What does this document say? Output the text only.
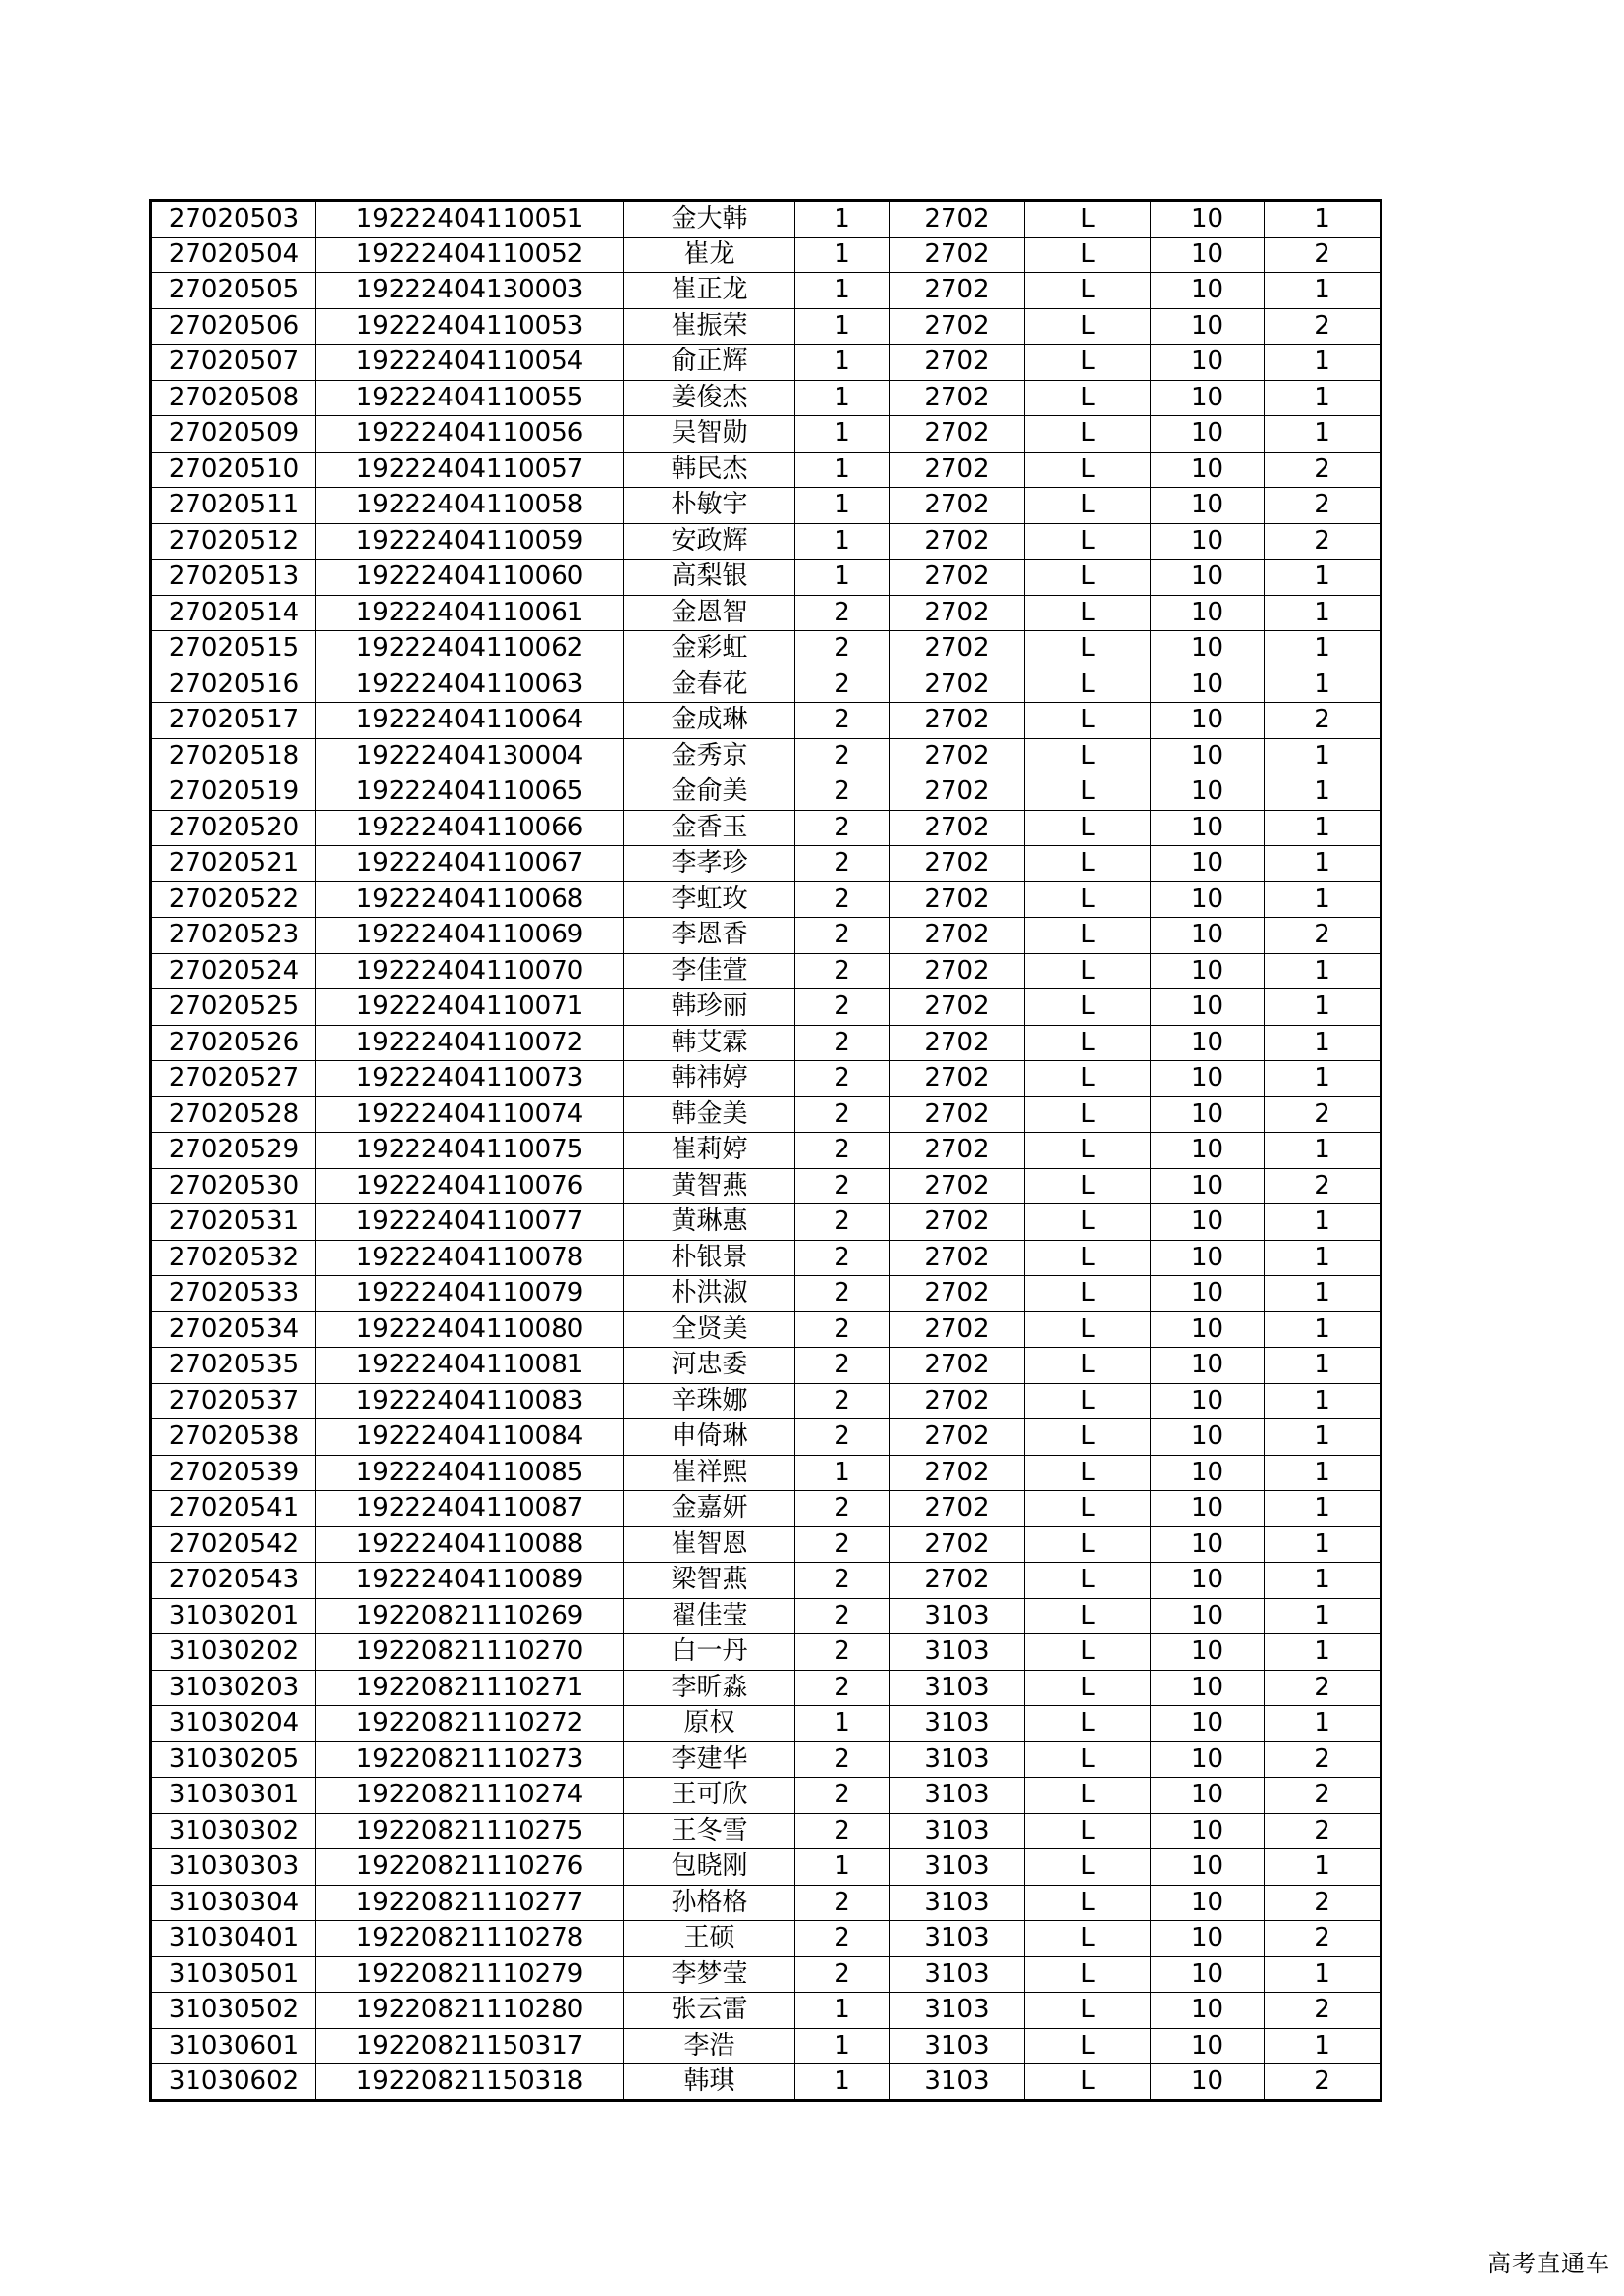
27020503	19222404110051	金大韩	1	2702	L	10	1
27020504	19222404110052	崔龙	1	2702	L	10	2
27020505	19222404130003	崔正龙	1	2702	L	10	1
27020506	19222404110053	崔振荣	1	2702	L	10	2
27020507	19222404110054	俞正辉	1	2702	L	10	1
27020508	19222404110055	姜俊杰	1	2702	L	10	1
27020509	19222404110056	吴智勋	1	2702	L	10	1
27020510	19222404110057	韩民杰	1	2702	L	10	2
27020511	19222404110058	朴敏宇	1	2702	L	10	2
27020512	19222404110059	安政辉	1	2702	L	10	2
27020513	19222404110060	高梨银	1	2702	L	10	1
27020514	19222404110061	金恩智	2	2702	L	10	1
27020515	19222404110062	金彩虹	2	2702	L	10	1
27020516	19222404110063	金春花	2	2702	L	10	1
27020517	19222404110064	金成琳	2	2702	L	10	2
27020518	19222404130004	金秀京	2	2702	L	10	1
27020519	19222404110065	金俞美	2	2702	L	10	1
27020520	19222404110066	金香玉	2	2702	L	10	1
27020521	19222404110067	李孝珍	2	2702	L	10	1
27020522	19222404110068	李虹玫	2	2702	L	10	1
27020523	19222404110069	李恩香	2	2702	L	10	2
27020524	19222404110070	李佳萱	2	2702	L	10	1
27020525	19222404110071	韩珍丽	2	2702	L	10	1
27020526	19222404110072	韩艾霖	2	2702	L	10	1
27020527	19222404110073	韩祎婷	2	2702	L	10	1
27020528	19222404110074	韩金美	2	2702	L	10	2
27020529	19222404110075	崔莉婷	2	2702	L	10	1
27020530	19222404110076	黄智燕	2	2702	L	10	2
27020531	19222404110077	黄琳惠	2	2702	L	10	1
27020532	19222404110078	朴银景	2	2702	L	10	1
27020533	19222404110079	朴洪淑	2	2702	L	10	1
27020534	19222404110080	全贤美	2	2702	L	10	1
27020535	19222404110081	河忠委	2	2702	L	10	1
27020537	19222404110083	辛珠娜	2	2702	L	10	1
27020538	19222404110084	申倚琳	2	2702	L	10	1
27020539	19222404110085	崔祥熙	1	2702	L	10	1
27020541	19222404110087	金嘉妍	2	2702	L	10	1
27020542	19222404110088	崔智恩	2	2702	L	10	1
27020543	19222404110089	梁智燕	2	2702	L	10	1
31030201	19220821110269	翟佳莹	2	3103	L	10	1
31030202	19220821110270	白一丹	2	3103	L	10	1
31030203	19220821110271	李昕淼	2	3103	L	10	2
31030204	19220821110272	原权	1	3103	L	10	1
31030205	19220821110273	李建华	2	3103	L	10	2
31030301	19220821110274	王可欣	2	3103	L	10	2
31030302	19220821110275	王冬雪	2	3103	L	10	2
31030303	19220821110276	包晓刚	1	3103	L	10	1
31030304	19220821110277	孙格格	2	3103	L	10	2
31030401	19220821110278	王硕	2	3103	L	10	2
31030501	19220821110279	李梦莹	2	3103	L	10	1
31030502	19220821110280	张云雷	1	3103	L	10	2
31030601	19220821150317	李浩	1	3103	L	10	1
31030602	19220821150318	韩琪	1	3103	L	10	2
高考直通车
